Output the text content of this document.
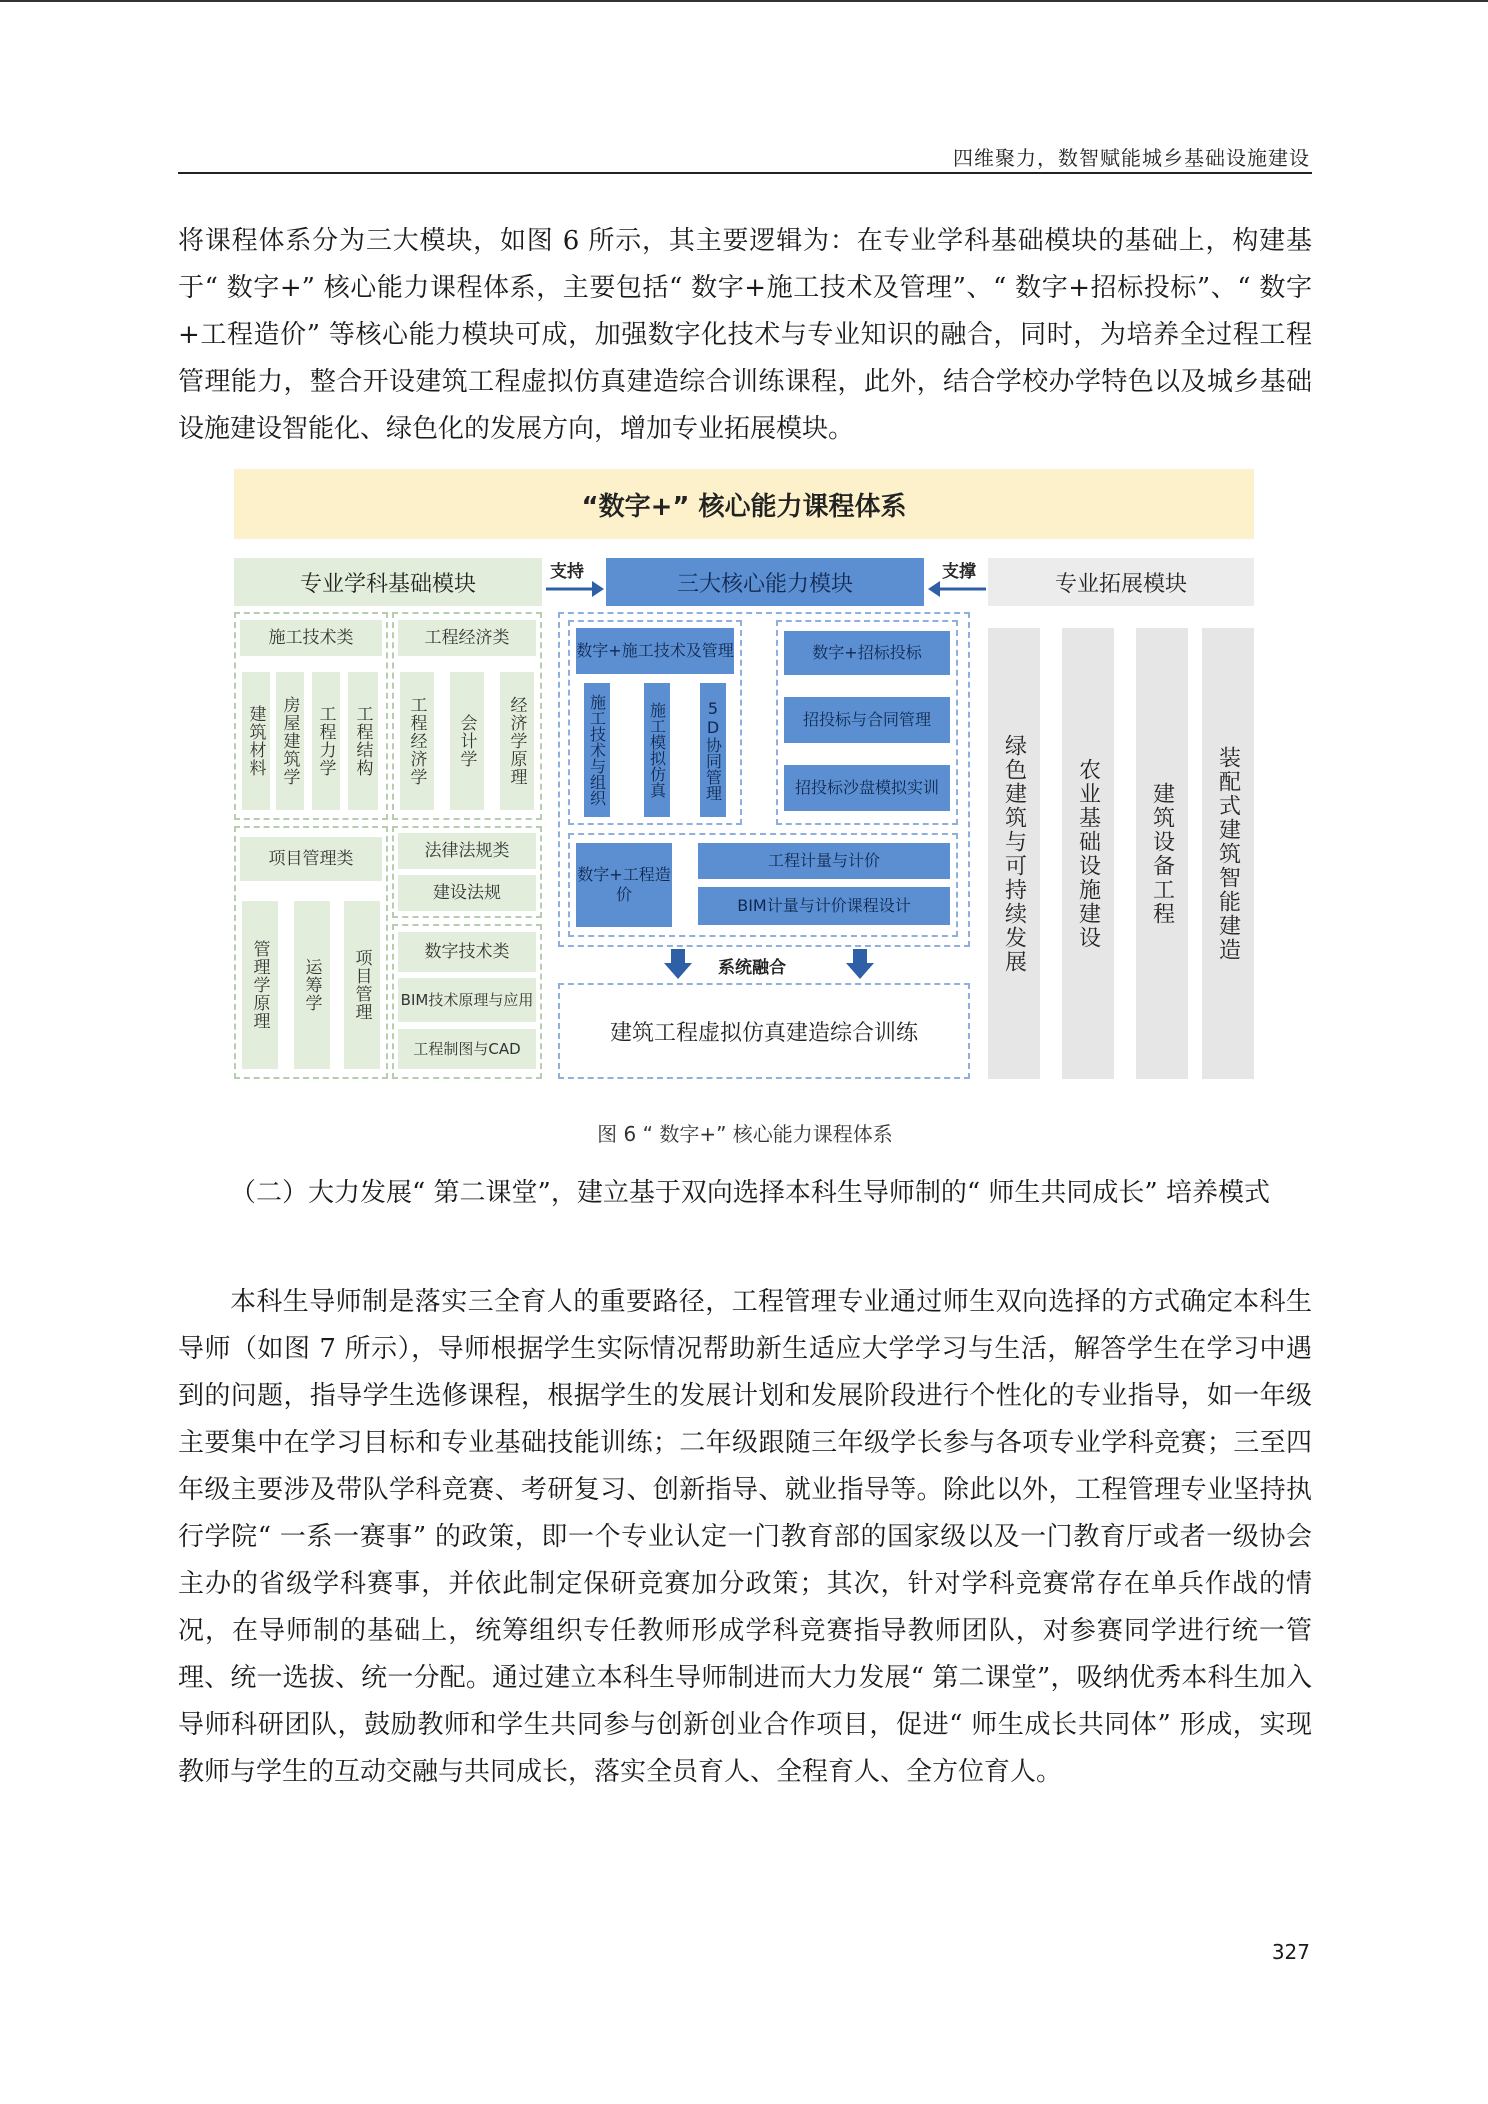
四维聚力，数智赋能城乡基础设施建设

将课程体系分为三大模块，如图 6 所示，其主要逻辑为：在专业学科基础模块的基础上，构建基于“ 数字+” 核心能力课程体系，主要包括“ 数字+施工技术及管理”、“ 数字+招标投标”、“ 数字+工程造价” 等核心能力模块可成，加强数字化技术与专业知识的融合，同时，为培养全过程工程管理能力，整合开设建筑工程虚拟仿真建造综合训练课程，此外，结合学校办学特色以及城乡基础设施建设智能化、绿色化的发展方向，增加专业拓展模块。

“数字+” 核心能力课程体系
专业学科基础模块	三大核心能力模块	专业拓展模块
支持	支撑
施工技术类
建筑材料 房屋建筑学 工程力学 工程结构
工程经济类
工程经济学	会计学	经济学原理
项目管理类
管理学原理	运筹学	项目管理
法律法规类
建设法规
数字技术类
BIM技术原理与应用
工程制图与CAD
数字+施工技术及管理
施工技术与组织	施工模拟仿真 5D协同管理
数字+招标投标
招投标与合同管理
招投标沙盘模拟实训
数字+工程造价
工程计量与计价
BIM计量与计价课程设计
系统融合
建筑工程虚拟仿真建造综合训练
绿色建筑与可持续发展	农业基础设施建设	建筑设备工程	装配式建筑智能建造
图 6 “ 数字+” 核心能力课程体系

（二）大力发展“ 第二课堂”，建立基于双向选择本科生导师制的“ 师生共同成长” 培养模式

本科生导师制是落实三全育人的重要路径，工程管理专业通过师生双向选择的方式确定本科生导师（如图 7 所示），导师根据学生实际情况帮助新生适应大学学习与生活，解答学生在学习中遇到的问题，指导学生选修课程，根据学生的发展计划和发展阶段进行个性化的专业指导，如一年级主要集中在学习目标和专业基础技能训练；二年级跟随三年级学长参与各项专业学科竞赛；三至四年级主要涉及带队学科竞赛、考研复习、创新指导、就业指导等。除此以外，工程管理专业坚持执行学院“ 一系一赛事” 的政策，即一个专业认定一门教育部的国家级以及一门教育厅或者一级协会主办的省级学科赛事，并依此制定保研竞赛加分政策；其次，针对学科竞赛常存在单兵作战的情况，在导师制的基础上，统筹组织专任教师形成学科竞赛指导教师团队，对参赛同学进行统一管理、统一选拔、统一分配。通过建立本科生导师制进而大力发展“ 第二课堂”，吸纳优秀本科生加入导师科研团队，鼓励教师和学生共同参与创新创业合作项目，促进“ 师生成长共同体” 形成，实现教师与学生的互动交融与共同成长，落实全员育人、全程育人、全方位育人。

327
